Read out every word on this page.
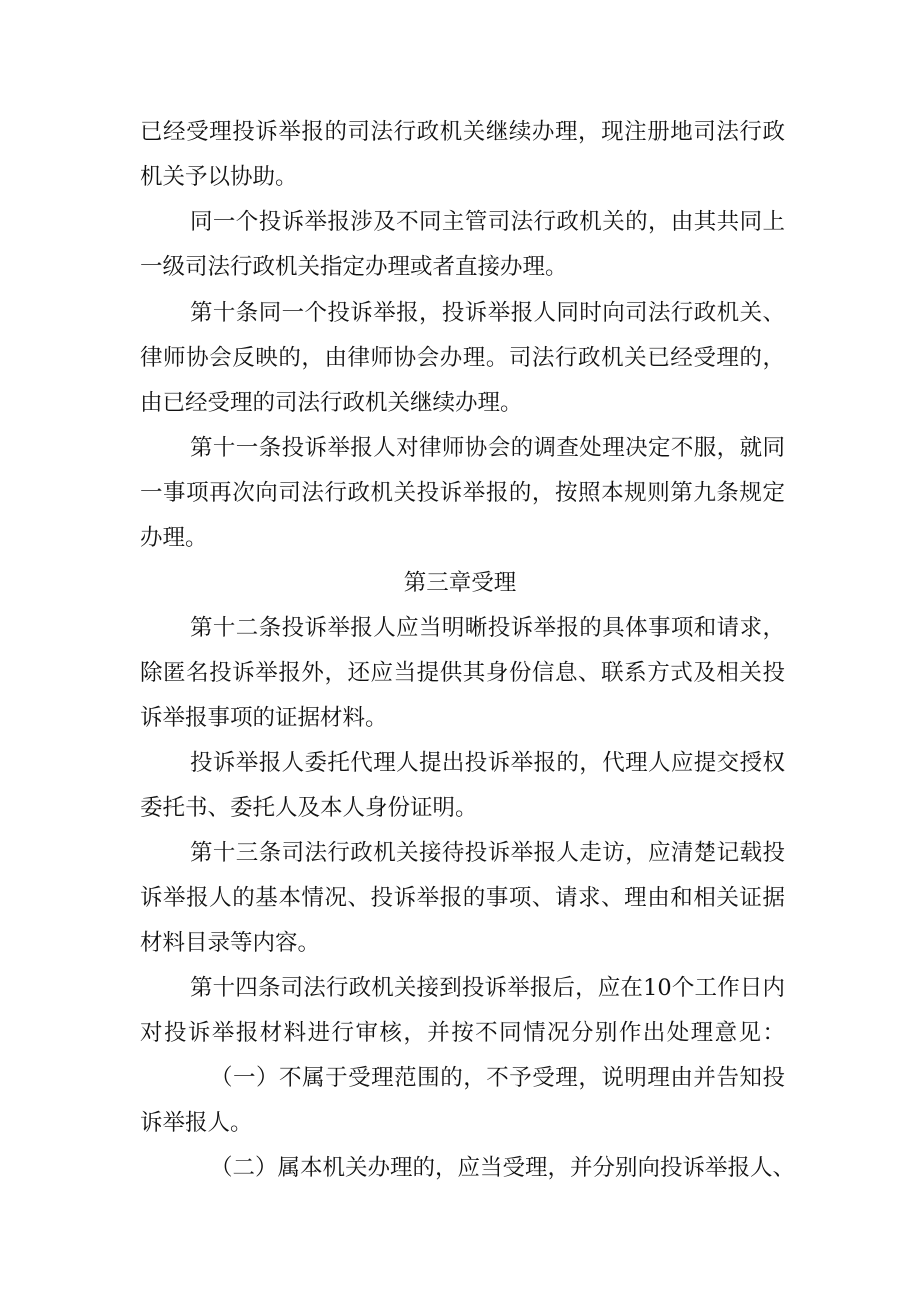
已经受理投诉举报的司法行政机关继续办理，现注册地司法行政
机关予以协助。
同一个投诉举报涉及不同主管司法行政机关的，由其共同上
一级司法行政机关指定办理或者直接办理。
第十条同一个投诉举报，投诉举报人同时向司法行政机关、
律师协会反映的，由律师协会办理。司法行政机关已经受理的，
由已经受理的司法行政机关继续办理。
第十一条投诉举报人对律师协会的调查处理决定不服，就同
一事项再次向司法行政机关投诉举报的，按照本规则第九条规定
办理。
第三章受理
第十二条投诉举报人应当明晰投诉举报的具体事项和请求，
除匿名投诉举报外，还应当提供其身份信息、联系方式及相关投
诉举报事项的证据材料。
投诉举报人委托代理人提出投诉举报的，代理人应提交授权
委托书、委托人及本人身份证明。
第十三条司法行政机关接待投诉举报人走访，应清楚记载投
诉举报人的基本情况、投诉举报的事项、请求、理由和相关证据
材料目录等内容。
第十四条司法行政机关接到投诉举报后，应在10个工作日内
对投诉举报材料进行审核，并按不同情况分别作出处理意见：
（一）不属于受理范围的，不予受理，说明理由并告知投
诉举报人。
（二）属本机关办理的，应当受理，并分别向投诉举报人、
